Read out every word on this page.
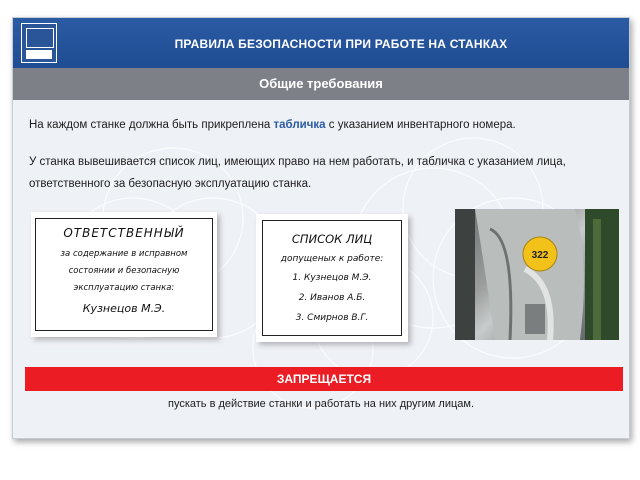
ПРАВИЛА БЕЗОПАСНОСТИ ПРИ РАБОТЕ НА СТАНКАХ
Общие требования
На каждом станке должна быть прикреплена табличка с указанием инвентарного номера.
У станка вывешивается список лиц, имеющих право на нем работать, и табличка с указанием лица, ответственного за безопасную эксплуатацию станка.
ОТВЕТСТВЕННЫЙ
за содержание в исправном
состоянии и безопасную
эксплуатацию станка:
Кузнецов М.Э.
СПИСОК ЛИЦ
допущеных к работе:
1. Кузнецов М.Э.
2. Иванов А.Б.
3. Смирнов В.Г.
322
ЗАПРЕЩАЕТСЯ
пускать в действие станки и работать на них другим лицам.
